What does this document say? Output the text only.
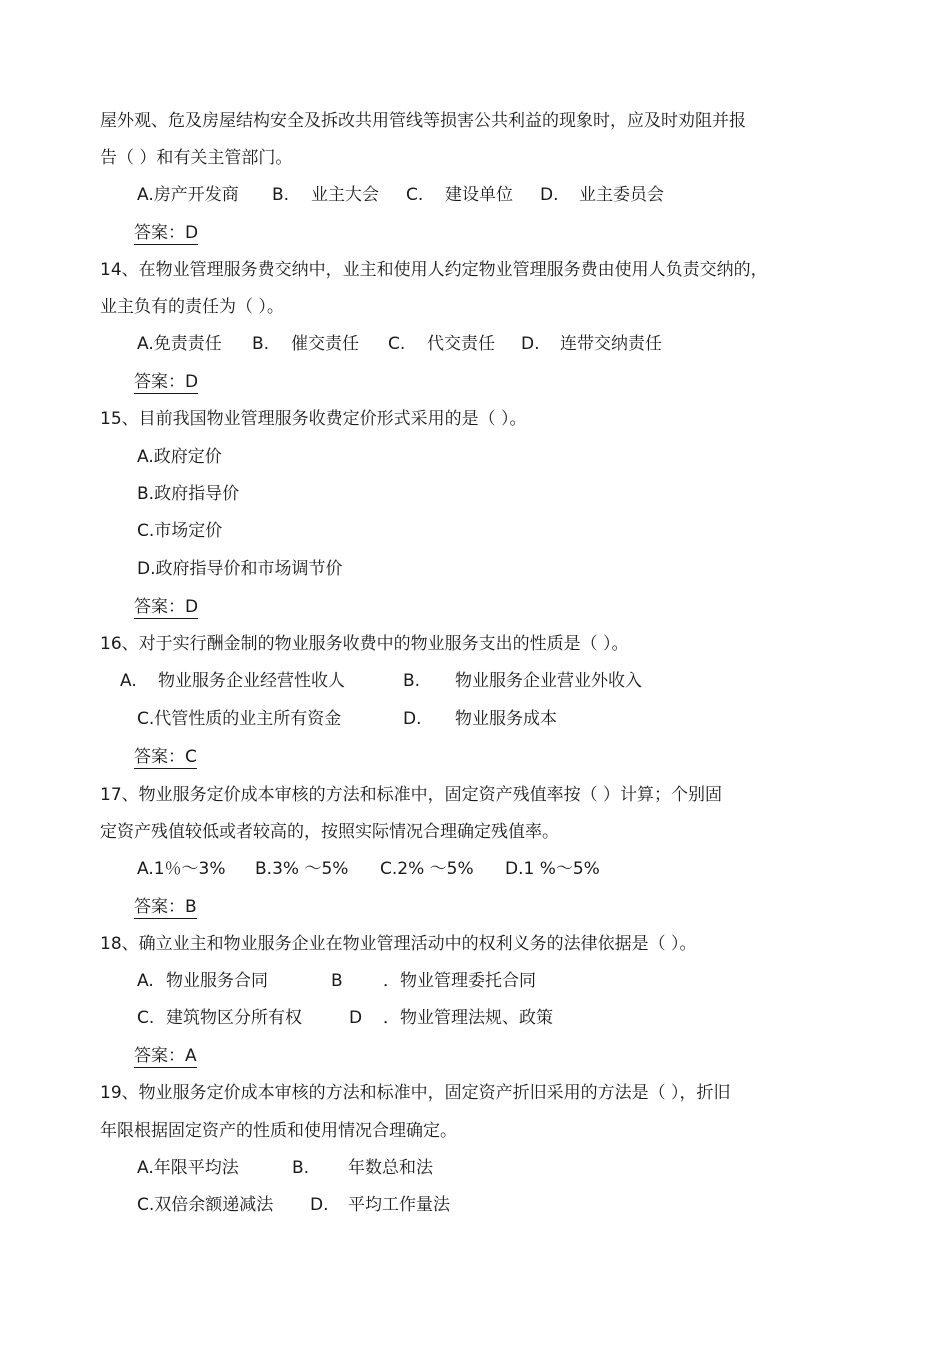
屋外观、危及房屋结构安全及拆改共用管线等损害公共利益的现象时，应及时劝阻并报
告（ ）和有关主管部门。
A.房产开发商 B. 业主大会 C. 建设单位 D. 业主委员会
答案：D
14、在物业管理服务费交纳中，业主和使用人约定物业管理服务费由使用人负责交纳的，
业主负有的责任为（ ）。
A.免责责任 B. 催交责任 C. 代交责任 D. 连带交纳责任
答案：D
15、目前我国物业管理服务收费定价形式采用的是（ ）。
A.政府定价
B.政府指导价
C.市场定价
D.政府指导价和市场调节价
答案：D
16、对于实行酬金制的物业服务收费中的物业服务支出的性质是（ ）。
A. 物业服务企业经营性收人	B. 物业服务企业营业外收入
C.代管性质的业主所有资金	D. 物业服务成本
答案：C
17、物业服务定价成本审核的方法和标准中，固定资产残值率按（ ）计算；个别固
定资产残值较低或者较高的，按照实际情况合理确定残值率。
A.1％～3% B.3% ～5% C.2% ～5% D.1 %～5%
答案：B
18、确立业主和物业服务企业在物业管理活动中的权利义务的法律依据是（ ）。
A. 物业服务合同	B ．物业管理委托合同
C. 建筑物区分所有权	D ．物业管理法规、政策
答案：A
19、物业服务定价成本审核的方法和标准中，固定资产折旧采用的方法是（ ），折旧
年限根据固定资产的性质和使用情况合理确定。
A.年限平均法	B. 年数总和法
C.双倍余额递减法 D. 平均工作量法
